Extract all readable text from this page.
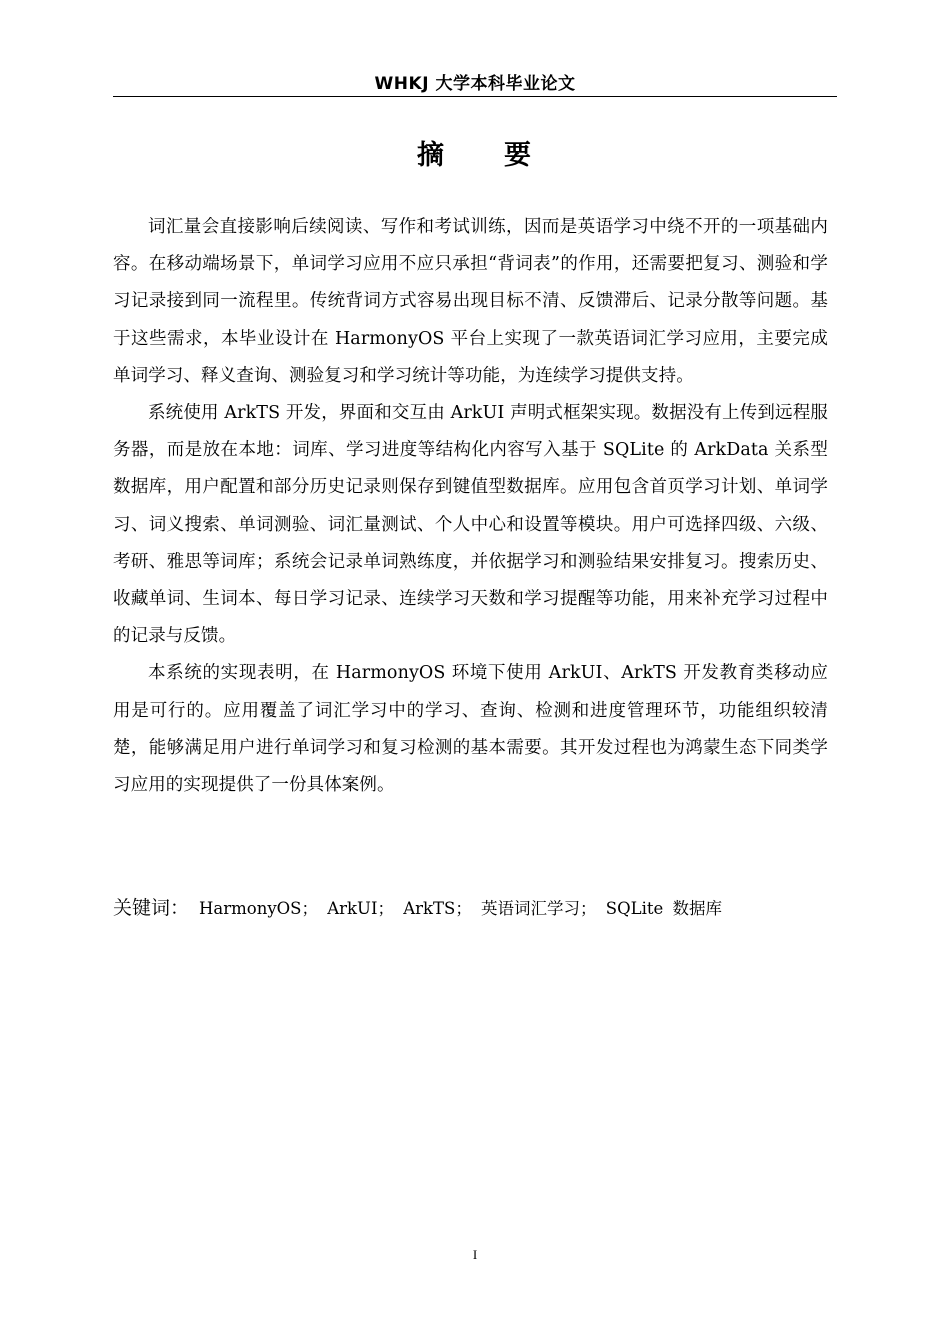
WHKJ 大学本科毕业论文
摘　　要

词汇量会直接影响后续阅读、写作和考试训练，因而是英语学习中绕不开的一项基础内容。在移动端场景下，单词学习应用不应只承担“背词表”的作用，还需要把复习、测验和学习记录接到同一流程里。传统背词方式容易出现目标不清、反馈滞后、记录分散等问题。基于这些需求，本毕业设计在 HarmonyOS 平台上实现了一款英语词汇学习应用，主要完成单词学习、释义查询、测验复习和学习统计等功能，为连续学习提供支持。

系统使用 ArkTS 开发，界面和交互由 ArkUI 声明式框架实现。数据没有上传到远程服务器，而是放在本地：词库、学习进度等结构化内容写入基于 SQLite 的 ArkData 关系型数据库，用户配置和部分历史记录则保存到键值型数据库。应用包含首页学习计划、单词学习、词义搜索、单词测验、词汇量测试、个人中心和设置等模块。用户可选择四级、六级、考研、雅思等词库；系统会记录单词熟练度，并依据学习和测验结果安排复习。搜索历史、收藏单词、生词本、每日学习记录、连续学习天数和学习提醒等功能，用来补充学习过程中的记录与反馈。

本系统的实现表明，在 HarmonyOS 环境下使用 ArkUI、ArkTS 开发教育类移动应用是可行的。应用覆盖了词汇学习中的学习、查询、检测和进度管理环节，功能组织较清楚，能够满足用户进行单词学习和复习检测的基本需要。其开发过程也为鸿蒙生态下同类学习应用的实现提供了一份具体案例。

关键词： HarmonyOS； ArkUI； ArkTS； 英语词汇学习； SQLite 数据库
I
